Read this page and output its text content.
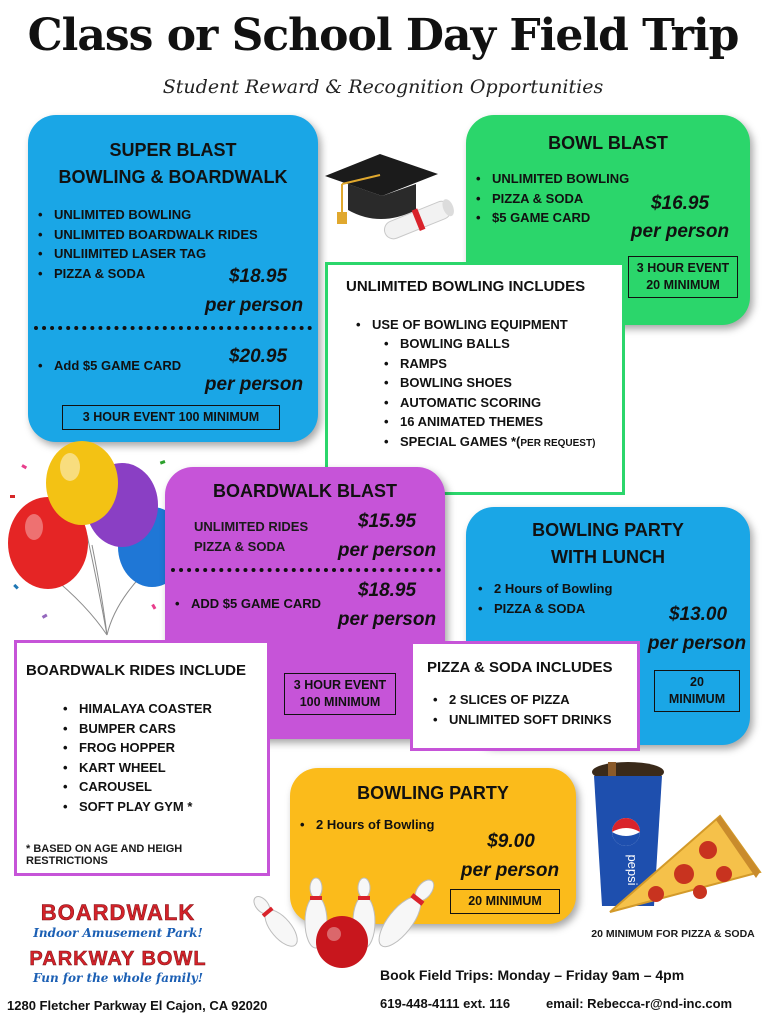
Class or School Day Field Trip
Student Reward & Recognition Opportunities
SUPER BLAST
BOWLING & BOARDWALK
• UNLIMITED BOWLING
• UNLIMITED BOARDWALK RIDES
• UNLIIMITED LASER TAG
• PIZZA & SODA	$18.95
per person
• Add $5 GAME CARD	$20.95
per person
3 HOUR EVENT 100 MINIMUM
BOWL BLAST
• UNLIMITED BOWLING
• PIZZA & SODA
• $5 GAME CARD
$16.95
per person
3 HOUR EVENT
20 MINIMUM
UNLIMITED BOWLING INCLUDES
• USE OF BOWLING EQUIPMENT
• BOWLING BALLS
• RAMPS
• BOWLING SHOES
• AUTOMATIC SCORING
• 16 ANIMATED THEMES
• SPECIAL GAMES *(PER REQUEST)
BOARDWALK BLAST
UNLIMITED RIDES
PIZZA & SODA
$15.95
per person
• ADD $5 GAME CARD
$18.95
per person
3 HOUR EVENT
100 MINIMUM
BOWLING PARTY
WITH LUNCH
• 2 Hours of Bowling
• PIZZA & SODA	$13.00
per person
20
MINIMUM
BOARDWALK RIDES INCLUDE
• HIMALAYA COASTER
• BUMPER CARS
• FROG HOPPER
• KART WHEEL
• CAROUSEL
• SOFT PLAY GYM *
* BASED ON AGE AND HEIGH RESTRICTIONS
PIZZA & SODA INCLUDES
• 2 SLICES OF PIZZA
• UNLIMITED SOFT DRINKS
BOWLING PARTY
• 2 Hours of Bowling
$9.00
per person
20 MINIMUM
pepsi
20 MINIMUM FOR PIZZA & SODA
BOARDWALK
Indoor Amusement Park!
PARKWAY BOWL
Fun for the whole family!
1280 Fletcher Parkway El Cajon, CA 92020
Book Field Trips: Monday – Friday 9am – 4pm
619-448-4111 ext. 116	email: Rebecca-r@nd-inc.com
